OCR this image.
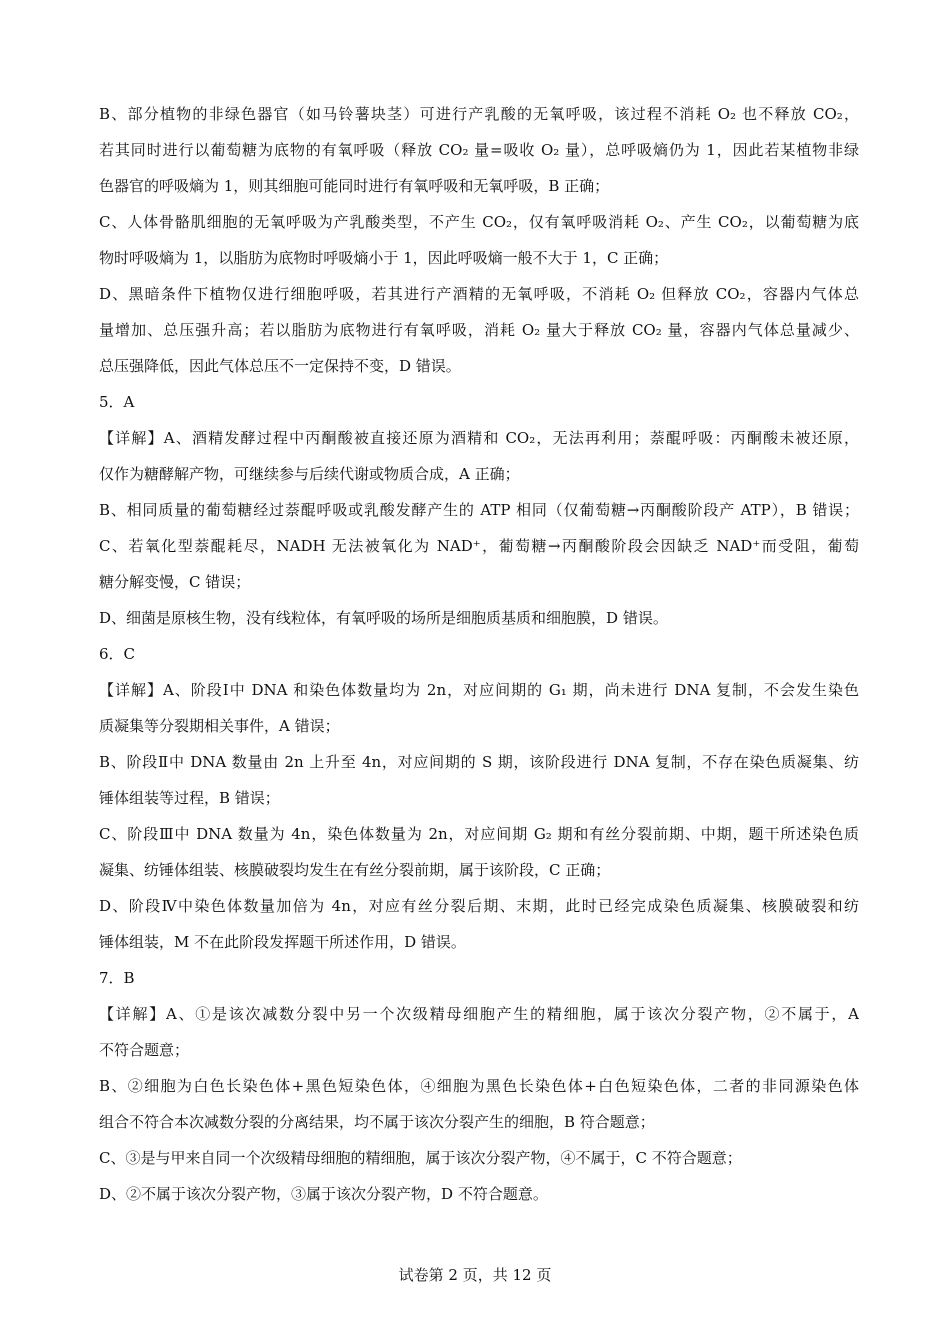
B、部分植物的非绿色器官（如马铃薯块茎）可进行产乳酸的无氧呼吸，该过程不消耗 O₂ 也不释放 CO₂，
若其同时进行以葡萄糖为底物的有氧呼吸（释放 CO₂ 量=吸收 O₂ 量），总呼吸熵仍为 1，因此若某植物非绿
色器官的呼吸熵为 1，则其细胞可能同时进行有氧呼吸和无氧呼吸，B 正确；
C、人体骨骼肌细胞的无氧呼吸为产乳酸类型，不产生 CO₂，仅有氧呼吸消耗 O₂、产生 CO₂，以葡萄糖为底
物时呼吸熵为 1，以脂肪为底物时呼吸熵小于 1，因此呼吸熵一般不大于 1，C 正确；
D、黑暗条件下植物仅进行细胞呼吸，若其进行产酒精的无氧呼吸，不消耗 O₂ 但释放 CO₂，容器内气体总
量增加、总压强升高；若以脂肪为底物进行有氧呼吸，消耗 O₂ 量大于释放 CO₂ 量，容器内气体总量减少、
总压强降低，因此气体总压不一定保持不变，D 错误。
5．A
【详解】A、酒精发酵过程中丙酮酸被直接还原为酒精和 CO₂，无法再利用；萘醌呼吸：丙酮酸未被还原，
仅作为糖酵解产物，可继续参与后续代谢或物质合成，A 正确；
B、相同质量的葡萄糖经过萘醌呼吸或乳酸发酵产生的 ATP 相同（仅葡萄糖→丙酮酸阶段产 ATP），B 错误；
C、若氧化型萘醌耗尽，NADH 无法被氧化为 NAD⁺，葡萄糖→丙酮酸阶段会因缺乏 NAD⁺而受阻，葡萄
糖分解变慢，C 错误；
D、细菌是原核生物，没有线粒体，有氧呼吸的场所是细胞质基质和细胞膜，D 错误。
6．C
【详解】A、阶段Ⅰ中 DNA 和染色体数量均为 2n，对应间期的 G₁ 期，尚未进行 DNA 复制，不会发生染色
质凝集等分裂期相关事件，A 错误；
B、阶段Ⅱ中 DNA 数量由 2n 上升至 4n，对应间期的 S 期，该阶段进行 DNA 复制，不存在染色质凝集、纺
锤体组装等过程，B 错误；
C、阶段Ⅲ中 DNA 数量为 4n，染色体数量为 2n，对应间期 G₂ 期和有丝分裂前期、中期，题干所述染色质
凝集、纺锤体组装、核膜破裂均发生在有丝分裂前期，属于该阶段，C 正确；
D、阶段Ⅳ中染色体数量加倍为 4n，对应有丝分裂后期、末期，此时已经完成染色质凝集、核膜破裂和纺
锤体组装，M 不在此阶段发挥题干所述作用，D 错误。
7．B
【详解】A、①是该次减数分裂中另一个次级精母细胞产生的精细胞，属于该次分裂产物，②不属于，A
不符合题意；
B、②细胞为白色长染色体+黑色短染色体，④细胞为黑色长染色体+白色短染色体，二者的非同源染色体
组合不符合本次减数分裂的分离结果，均不属于该次分裂产生的细胞，B 符合题意；
C、③是与甲来自同一个次级精母细胞的精细胞，属于该次分裂产物，④不属于，C 不符合题意；
D、②不属于该次分裂产物，③属于该次分裂产物，D 不符合题意。
试卷第 2 页，共 12 页
